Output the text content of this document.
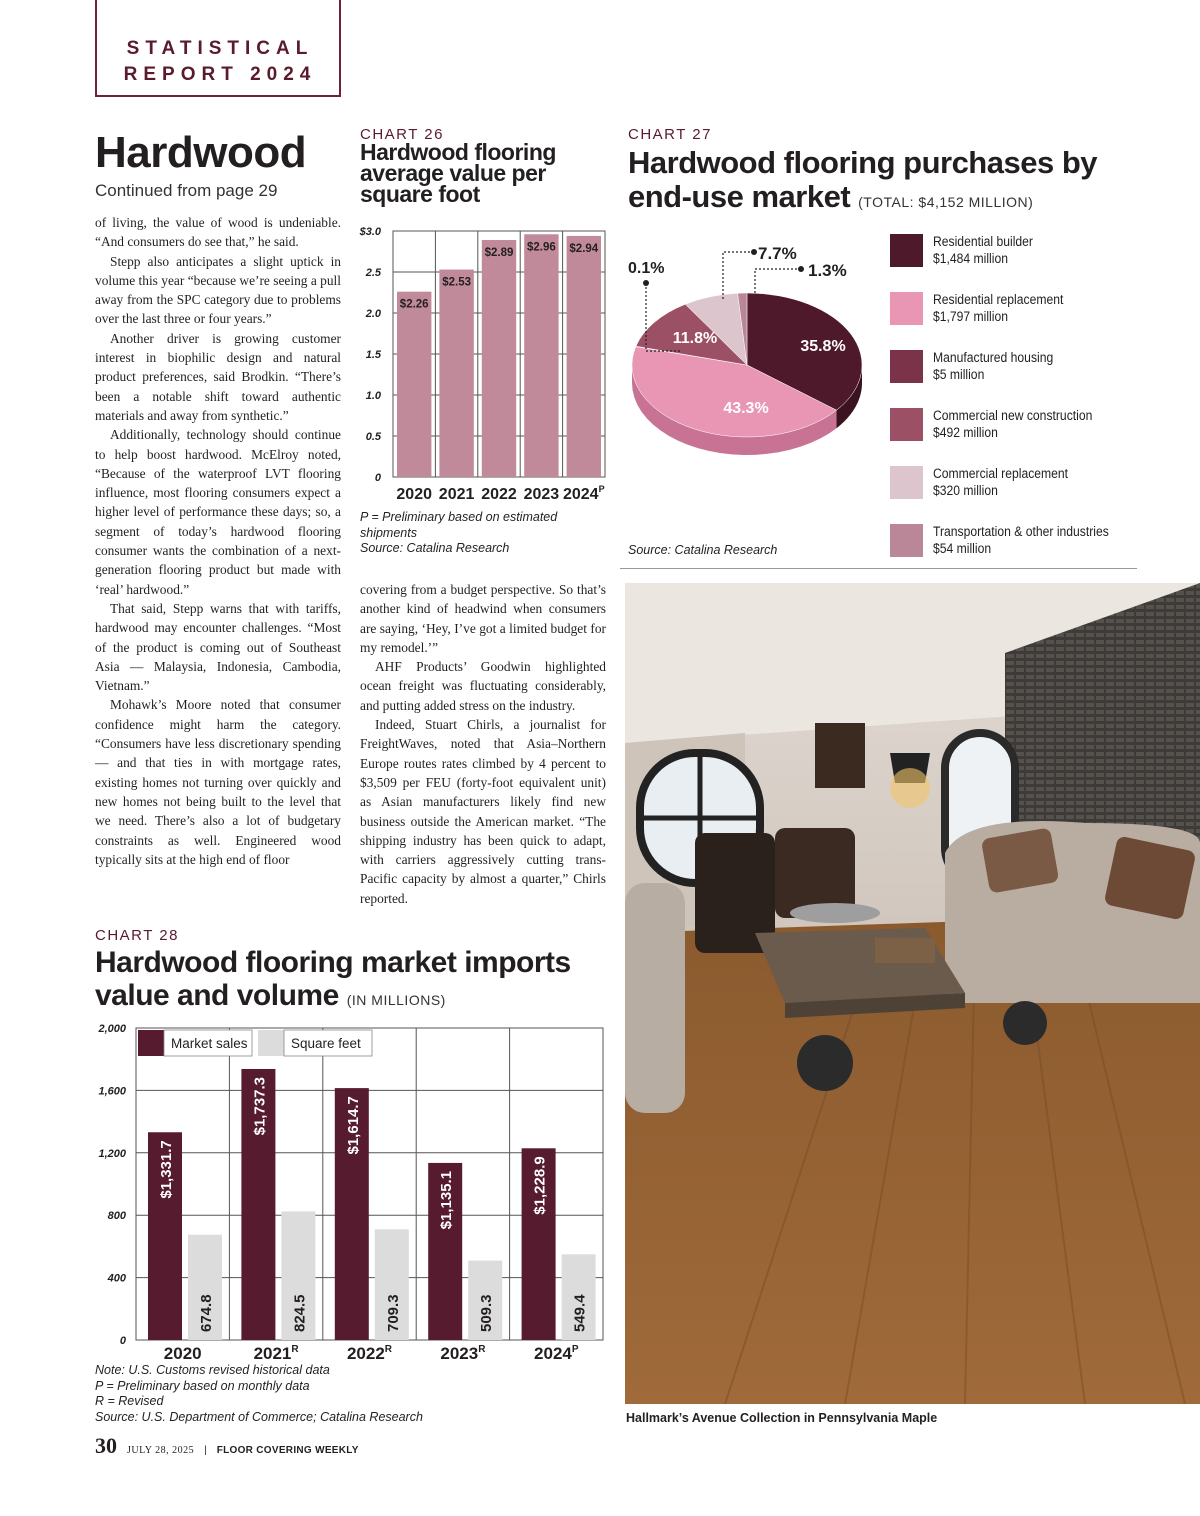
STATISTICAL
REPORT 2024
Hardwood
Continued from page 29

of living, the value of wood is undeniable. “And consumers do see that,” he said.

Stepp also anticipates a slight uptick in volume this year “because we’re seeing a pull away from the SPC category due to problems over the last three or four years.”

Another driver is growing customer interest in biophilic design and natural product preferences, said Brodkin. “There’s been a notable shift toward authentic materials and away from synthetic.”

Additionally, technology should continue to help boost hardwood. McElroy noted, “Because of the waterproof LVT flooring influence, most flooring consumers expect a higher level of performance these days; so, a segment of today’s hardwood flooring consumer wants the combination of a next-generation flooring product but made with ‘real’ hardwood.”

That said, Stepp warns that with tariffs, hardwood may encounter challenges. “Most of the product is coming out of Southeast Asia — Malaysia, Indonesia, Cambodia, Vietnam.”

Mohawk’s Moore noted that consumer confidence might harm the category. “Consumers have less discretionary spending — and that ties in with mortgage rates, existing homes not turning over quickly and new homes not being built to the level that we need. There’s also a lot of budgetary constraints as well. Engineered wood typically sits at the high end of floor

covering from a budget perspective. So that’s another kind of headwind when consumers are saying, ‘Hey, I’ve got a limited budget for my remodel.’”

AHF Products’ Goodwin highlighted ocean freight was fluctuating considerably, and putting added stress on the industry.

Indeed, Stuart Chirls, a journalist for FreightWaves, noted that Asia–Northern Europe routes rates climbed by 4 percent to $3,509 per FEU (forty-foot equivalent unit) as Asian manufacturers likely find new business outside the American market. “The shipping industry has been quick to adapt, with carriers aggressively cutting trans-Pacific capacity by almost a quarter,” Chirls reported.

CHART 26
Hardwood flooring
average value per
square foot
0
0.5
1.0
1.5
2.0
2.5
$3.0
$2.26
2020
$2.53
2021
$2.89
2022
$2.96
2023
$2.94
$2024^P$
P = Preliminary based on estimated
shipments
Source: Catalina Research
CHART 27
Hardwood flooring purchases by
end-use market (TOTAL: $4,152 MILLION)
35.8%
43.3%
11.8%
0.1%
7.7%
1.3%
Residential builder
$1,484 million
Residential replacement
$1,797 million
Manufactured housing
$5 million
Commercial new construction
$492 million
Commercial replacement
$320 million
Transportation & other industries
$54 million
Source: Catalina Research
CHART 28
Hardwood flooring market imports
value and volume (IN MILLIONS)
0
400
800
1,200
1,600
2,000
$1,331.7
674.8
2020
$1,737.3
824.5
$2021^R$
$1,614.7
709.3
$2022^R$
$1,135.1
509.3
$2023^R$
$1,228.9
549.4
$2024^P$
Market sales	Square feet
Note: U.S. Customs revised historical data
P = Preliminary based on monthly data
R = Revised
Source: U.S. Department of Commerce; Catalina Research	Hallmark’s Avenue Collection in Pennsylvania Maple
30 JULY 28, 2025 | FLOOR COVERING WEEKLY
